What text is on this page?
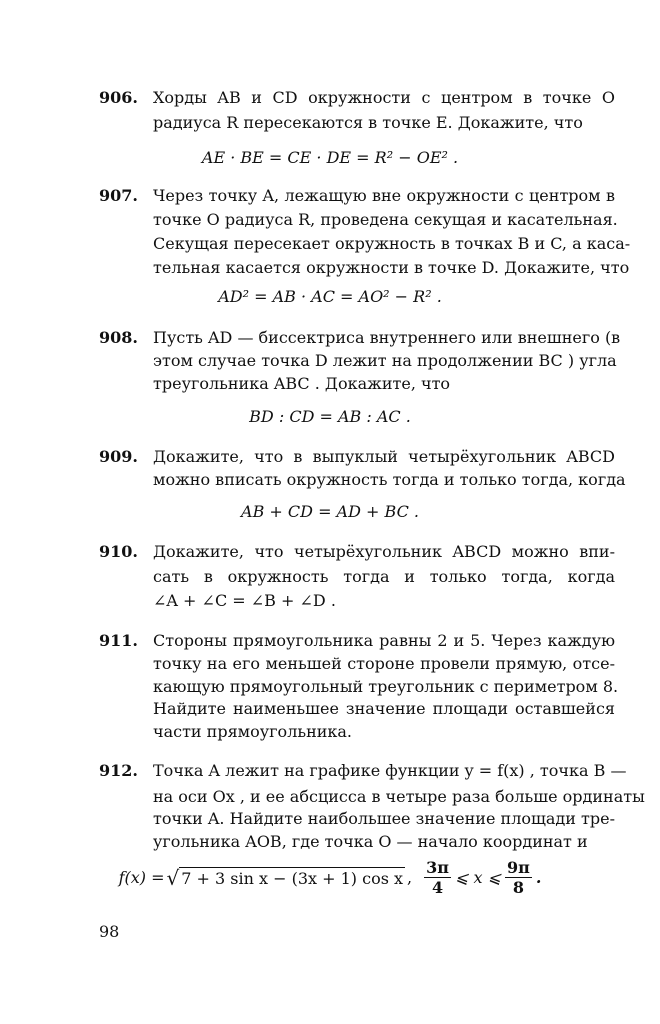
906. Хорды AB и CD окружности с центром в точке O
радиуса R пересекаются в точке E. Докажите, что
AE · BE = CE · DE = R² − OE² .
907. Через точку A, лежащую вне окружности с центром в
точке O радиуса R, проведена секущая и касательная.
Секущая пересекает окружность в точках B и C, а каса-
тельная касается окружности в точке D. Докажите, что
AD² = AB · AC = AO² − R² .
908. Пусть AD — биссектриса внутреннего или внешнего (в
этом случае точка D лежит на продолжении BC ) угла
треугольника ABC . Докажите, что
BD : CD = AB : AC .
909. Докажите, что в выпуклый четырёхугольник ABCD
можно вписать окружность тогда и только тогда, когда
AB + CD = AD + BC .
910. Докажите, что четырёхугольник ABCD можно впи-
сать в окружность тогда и только тогда, когда
∠A + ∠C = ∠B + ∠D .
911. Стороны прямоугольника равны 2 и 5. Через каждую
точку на его меньшей стороне провели прямую, отсе-
кающую прямоугольный треугольник с периметром 8.
Найдите наименьшее значение площади оставшейся
части прямоугольника.
912. Точка A лежит на графике функции y = f(x) , точка B —
на оси Ox , и ее абсцисса в четыре раза больше ординаты
точки A. Найдите наибольшее значение площади тре-
угольника AOB, где точка O — начало координат и
f(x) = √ 7 + 3 sin x − (3x + 1) cos x , $\frac{3\pi}{4}$ ⩽ x ⩽ $\frac{9\pi}{8}$ .
98
